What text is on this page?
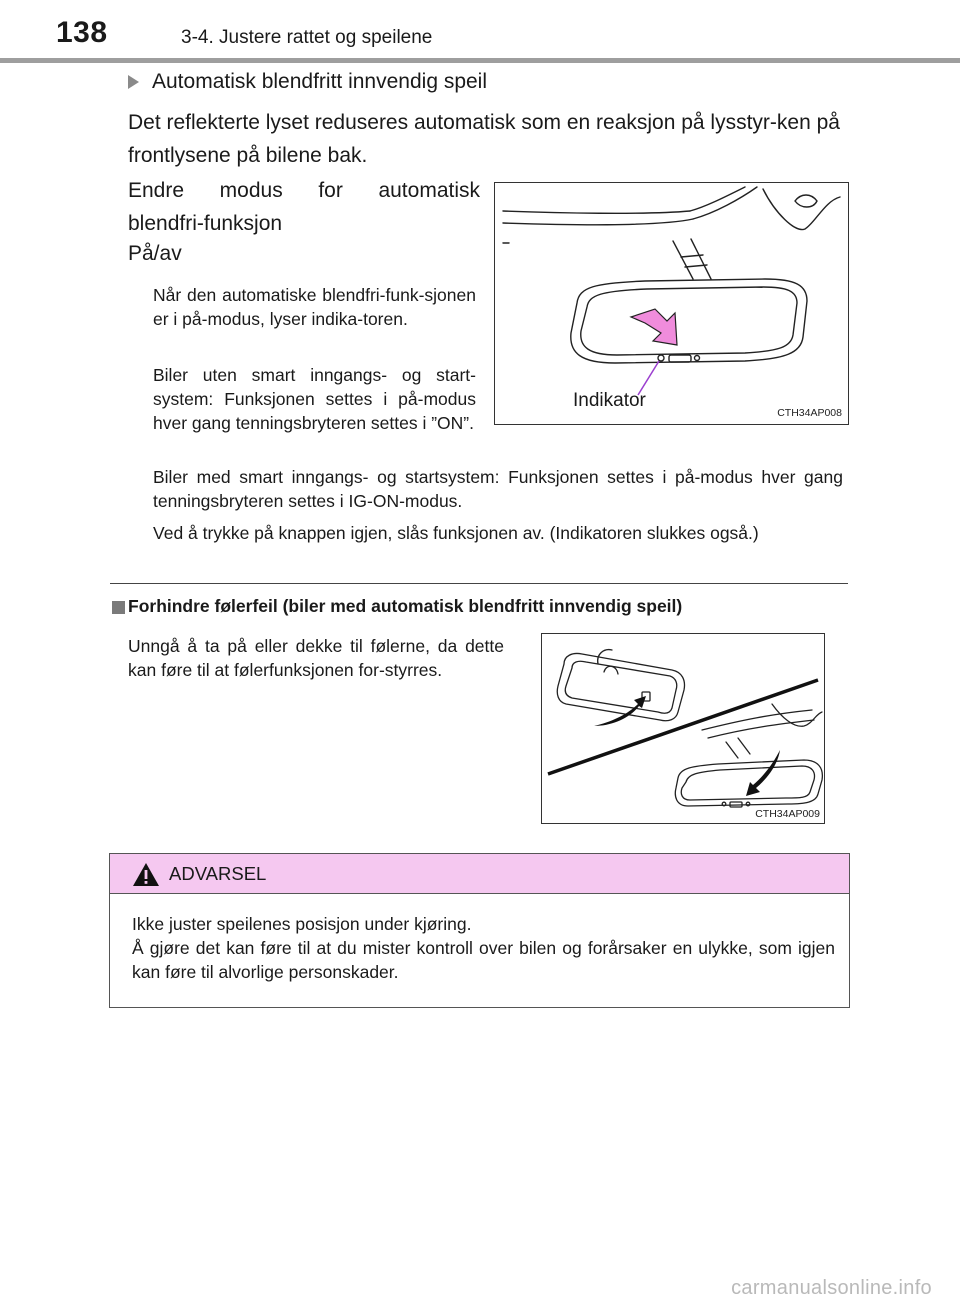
138	3-4. Justere rattet og speilene
Automatisk blendfritt innvendig speil
Det reflekterte lyset reduseres automatisk som en reaksjon på lysstyr-ken på frontlysene på bilene bak.
Endre modus for automatisk
blendfri-funksjon
På/av
Når den automatiske blendfri-funk-sjonen er i på-modus, lyser indika-toren.
Biler uten smart inngangs- og start-system: Funksjonen settes i på-modus hver gang tenningsbryteren settes i ”ON”.
Biler med smart inngangs- og startsystem: Funksjonen settes i på-modus hver gang tenningsbryteren settes i IG-ON-modus.
Ved å trykke på knappen igjen, slås funksjonen av. (Indikatoren slukkes også.)
Indikator
CTH34AP008
Forhindre følerfeil (biler med automatisk blendfritt innvendig speil)
Unngå å ta på eller dekke til følerne, da dette kan føre til at følerfunksjonen for-styrres.
CTH34AP009
ADVARSEL
Ikke juster speilenes posisjon under kjøring.
Å gjøre det kan føre til at du mister kontroll over bilen og forårsaker en ulykke, som igjen kan føre til alvorlige personskader.
carmanualsonline.info
